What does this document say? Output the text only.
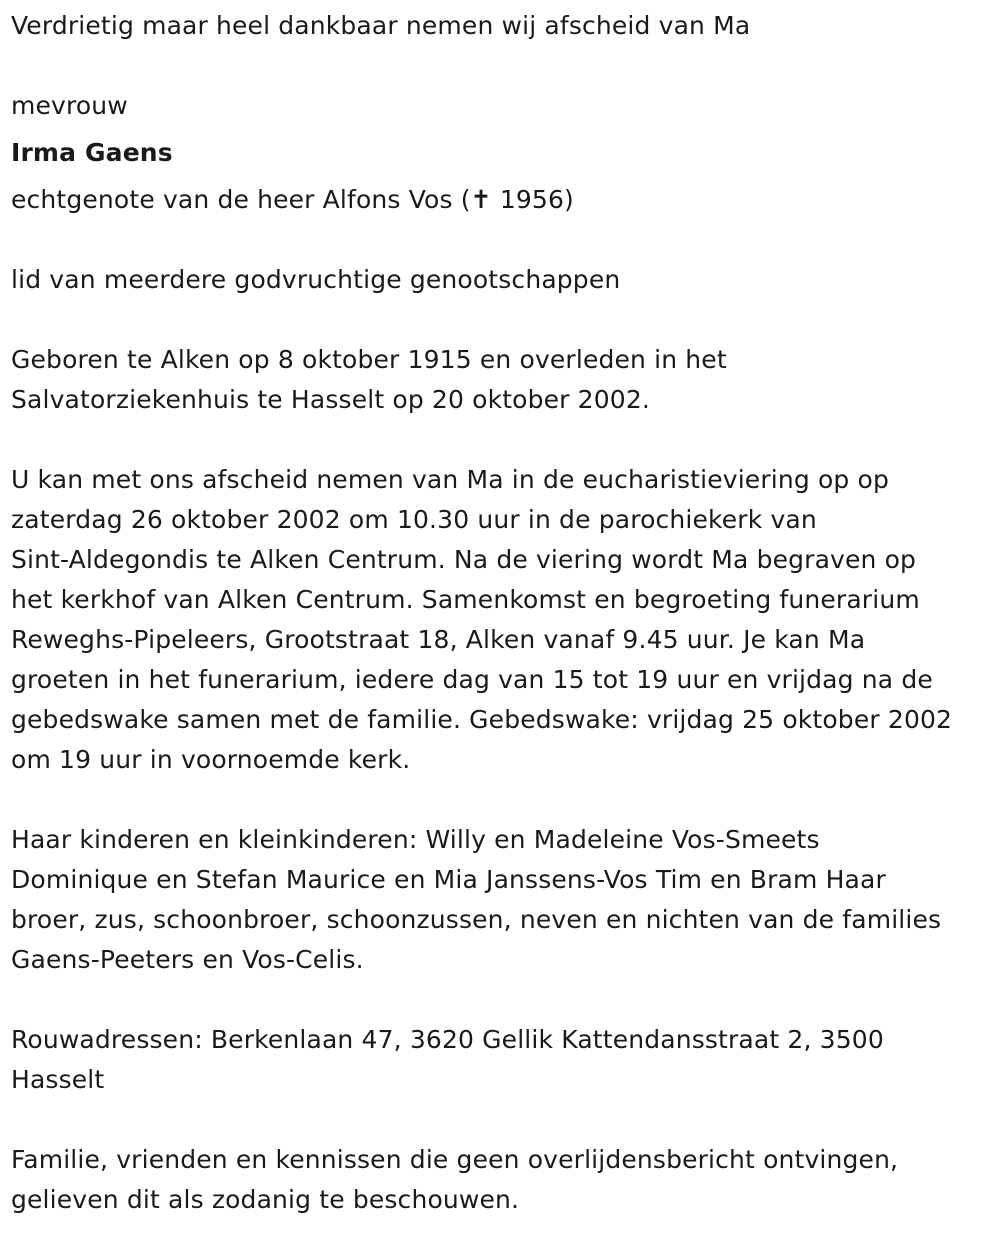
Verdrietig maar heel dankbaar nemen wij afscheid van Ma
mevrouw
Irma Gaens
echtgenote van de heer Alfons Vos (✝ 1956)
lid van meerdere godvruchtige genootschappen
Geboren te Alken op 8 oktober 1915 en overleden in het
Salvatorziekenhuis te Hasselt op 20 oktober 2002.
U kan met ons afscheid nemen van Ma in de eucharistieviering op op
zaterdag 26 oktober 2002 om 10.30 uur in de parochiekerk van
Sint-Aldegondis te Alken Centrum. Na de viering wordt Ma begraven op
het kerkhof van Alken Centrum. Samenkomst en begroeting funerarium
Reweghs-Pipeleers, Grootstraat 18, Alken vanaf 9.45 uur. Je kan Ma
groeten in het funerarium, iedere dag van 15 tot 19 uur en vrijdag na de
gebedswake samen met de familie. Gebedswake: vrijdag 25 oktober 2002
om 19 uur in voornoemde kerk.
Haar kinderen en kleinkinderen: Willy en Madeleine Vos-Smeets
Dominique en Stefan Maurice en Mia Janssens-Vos Tim en Bram Haar
broer, zus, schoonbroer, schoonzussen, neven en nichten van de families
Gaens-Peeters en Vos-Celis.
Rouwadressen: Berkenlaan 47, 3620 Gellik Kattendansstraat 2, 3500
Hasselt
Familie, vrienden en kennissen die geen overlijdensbericht ontvingen,
gelieven dit als zodanig te beschouwen.
